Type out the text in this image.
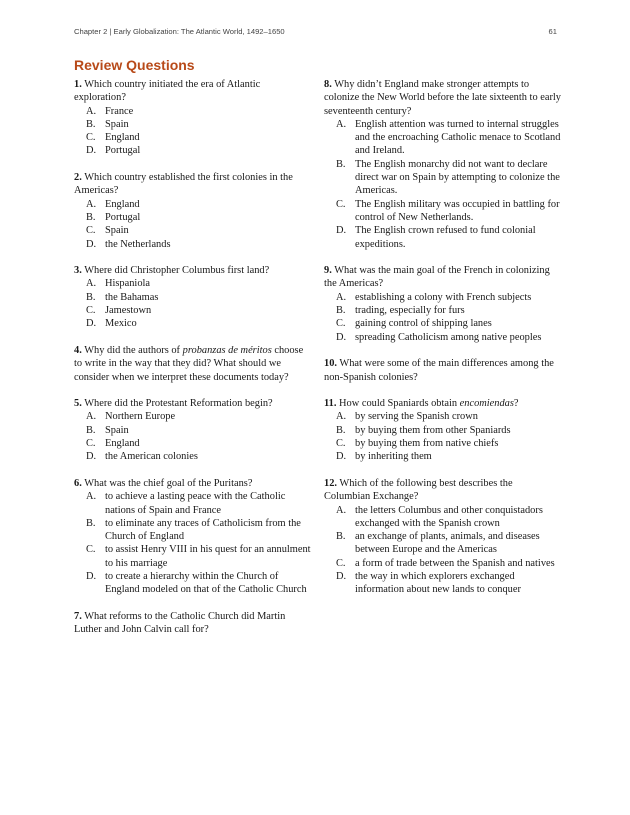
Chapter 2 | Early Globalization: The Atlantic World, 1492–1650	61
Review Questions

1. Which country initiated the era of Atlantic exploration?

A. France
B. Spain
C. England
D. Portugal

2. Which country established the first colonies in the Americas?

A. England
B. Portugal
C. Spain
D. the Netherlands

3. Where did Christopher Columbus first land?

A. Hispaniola
B. the Bahamas
C. Jamestown
D. Mexico

4. Why did the authors of probanzas de méritos choose to write in the way that they did? What should we consider when we interpret these documents today?

5. Where did the Protestant Reformation begin?

A. Northern Europe
B. Spain
C. England
D. the American colonies

6. What was the chief goal of the Puritans?

A. to achieve a lasting peace with the Catholic nations of Spain and France
B. to eliminate any traces of Catholicism from the Church of England
C. to assist Henry VIII in his quest for an annulment to his marriage
D. to create a hierarchy within the Church of England modeled on that of the Catholic Church

7. What reforms to the Catholic Church did Martin Luther and John Calvin call for?

8. Why didn’t England make stronger attempts to colonize the New World before the late sixteenth to early seventeenth century?

A. English attention was turned to internal struggles and the encroaching Catholic menace to Scotland and Ireland.
B. The English monarchy did not want to declare direct war on Spain by attempting to colonize the Americas.
C. The English military was occupied in battling for control of New Netherlands.
D. The English crown refused to fund colonial expeditions.

9. What was the main goal of the French in colonizing the Americas?

A. establishing a colony with French subjects
B. trading, especially for furs
C. gaining control of shipping lanes
D. spreading Catholicism among native peoples

10. What were some of the main differences among the non-Spanish colonies?

11. How could Spaniards obtain encomiendas?

A. by serving the Spanish crown
B. by buying them from other Spaniards
C. by buying them from native chiefs
D. by inheriting them

12. Which of the following best describes the Columbian Exchange?

A. the letters Columbus and other conquistadors exchanged with the Spanish crown
B. an exchange of plants, animals, and diseases between Europe and the Americas
C. a form of trade between the Spanish and natives
D. the way in which explorers exchanged information about new lands to conquer
